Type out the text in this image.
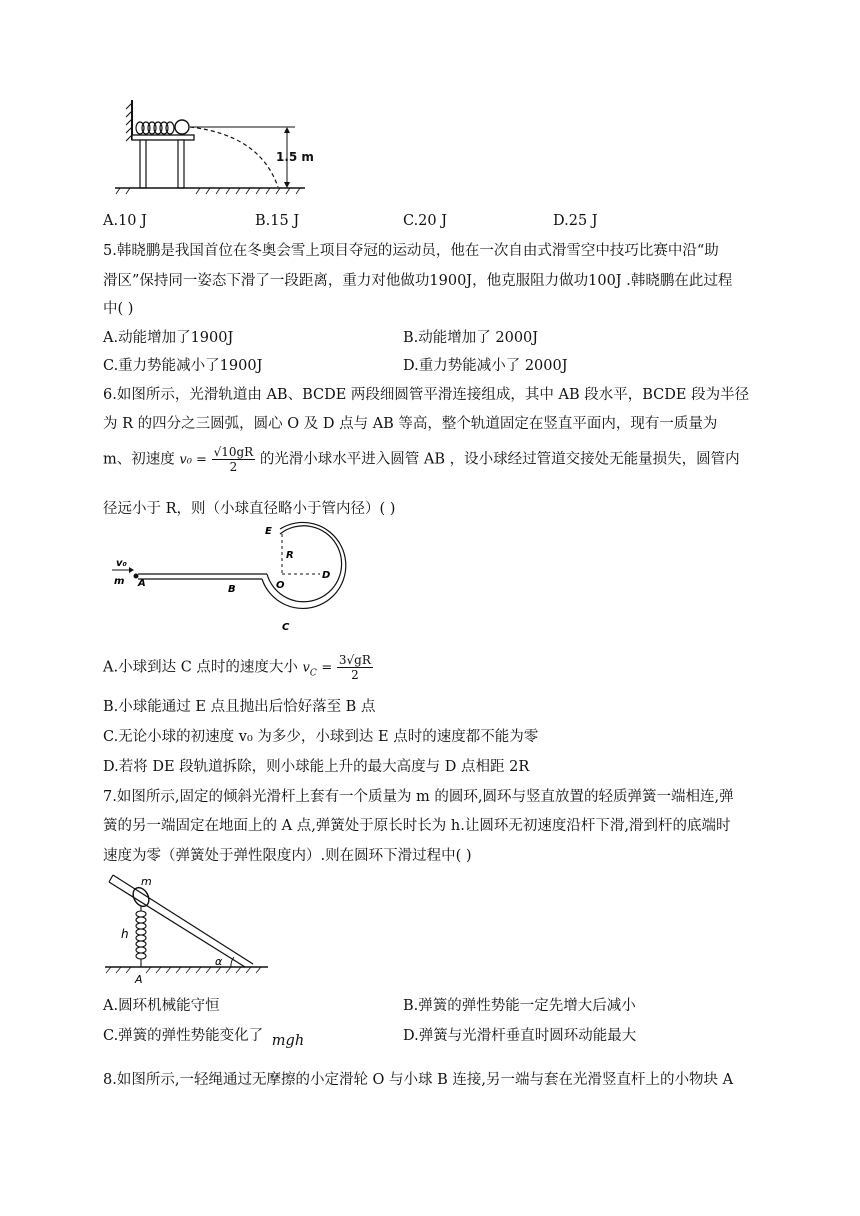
1.5 m
A.10 J	B.15 J	C.20 J	D.25 J
5.韩晓鹏是我国首位在冬奥会雪上项目夺冠的运动员，他在一次自由式滑雪空中技巧比赛中沿“助
滑区”保持同一姿态下滑了一段距离，重力对他做功1900J，他克服阻力做功100J .韩晓鹏在此过程
中( )
A.动能增加了1900J	B.动能增加了 2000J
C.重力势能减小了1900J	D.重力势能减小了 2000J
6.如图所示，光滑轨道由 AB、BCDE 两段细圆管平滑连接组成，其中 AB 段水平，BCDE 段为半径
为 R 的四分之三圆弧，圆心 O 及 D 点与 AB 等高，整个轨道固定在竖直平面内，现有一质量为
m、初速度 $v_0 = \frac{√10gR}{2}$ 的光滑小球水平进入圆管 AB ，设小球经过管道交接处无能量损失，圆管内
径远小于 R，则（小球直径略小于管内径）( )
v₀
m A
B
C
D
E
O
R
A.小球到达 C 点时的速度大小 $v_C = \frac{3√gR}{2}$
B.小球能通过 E 点且抛出后恰好落至 B 点
C.无论小球的初速度 v₀ 为多少，小球到达 E 点时的速度都不能为零
D.若将 DE 段轨道拆除，则小球能上升的最大高度与 D 点相距 2R
7.如图所示,固定的倾斜光滑杆上套有一个质量为 m 的圆环,圆环与竖直放置的轻质弹簧一端相连,弹
簧的另一端固定在地面上的 A 点,弹簧处于原长时长为 h.让圆环无初速度沿杆下滑,滑到杆的底端时
速度为零（弹簧处于弹性限度内）.则在圆环下滑过程中( )
m
h
α
A
A.圆环机械能守恒	B.弹簧的弹性势能一定先增大后减小
C.弹簧的弹性势能变化了 mgh	D.弹簧与光滑杆垂直时圆环动能最大
8.如图所示,一轻绳通过无摩擦的小定滑轮 O 与小球 B 连接,另一端与套在光滑竖直杆上的小物块 A
